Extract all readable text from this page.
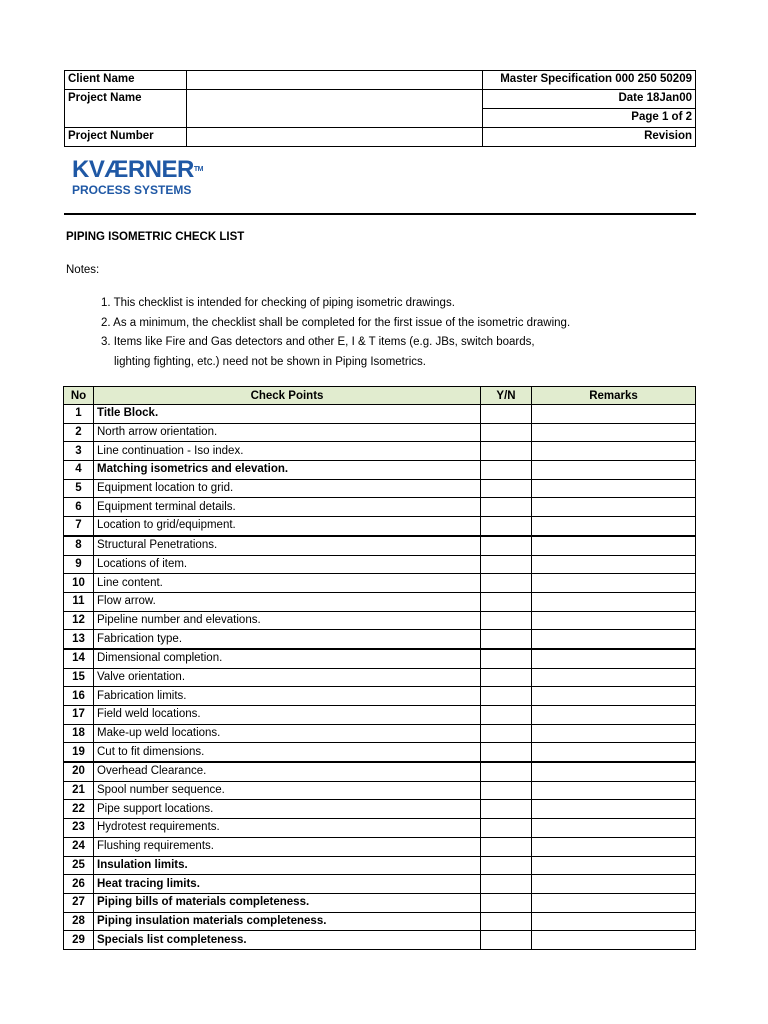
Client Name		Master Specification 000 250 50209
Project Name		Date 18Jan00
		Page 1 of 2
Project Number		Revision
KVÆRNER™
PROCESS SYSTEMS
PIPING ISOMETRIC CHECK LIST
Notes:
1. This checklist is intended for checking of piping isometric drawings.
2. As a minimum, the checklist shall be completed for the first issue of the isometric drawing.
3. Items like Fire and Gas detectors and other E, I & T items (e.g. JBs, switch boards,
lighting fighting, etc.) need not be shown in Piping Isometrics.
No	Check Points	Y/N	Remarks
1	Title Block.		
2	North arrow orientation.		
3	Line continuation - Iso index.		
4	Matching isometrics and elevation.		
5	Equipment location to grid.		
6	Equipment terminal details.		
7	Location to grid/equipment.		
8	Structural Penetrations.		
9	Locations of item.		
10	Line content.		
11	Flow arrow.		
12	Pipeline number and elevations.		
13	Fabrication type.		
14	Dimensional completion.		
15	Valve orientation.		
16	Fabrication limits.		
17	Field weld locations.		
18	Make-up weld locations.		
19	Cut to fit dimensions.		
20	Overhead Clearance.		
21	Spool number sequence.		
22	Pipe support locations.		
23	Hydrotest requirements.		
24	Flushing requirements.		
25	Insulation limits.		
26	Heat tracing limits.		
27	Piping bills of materials completeness.		
28	Piping insulation materials completeness.		
29	Specials list completeness.		
